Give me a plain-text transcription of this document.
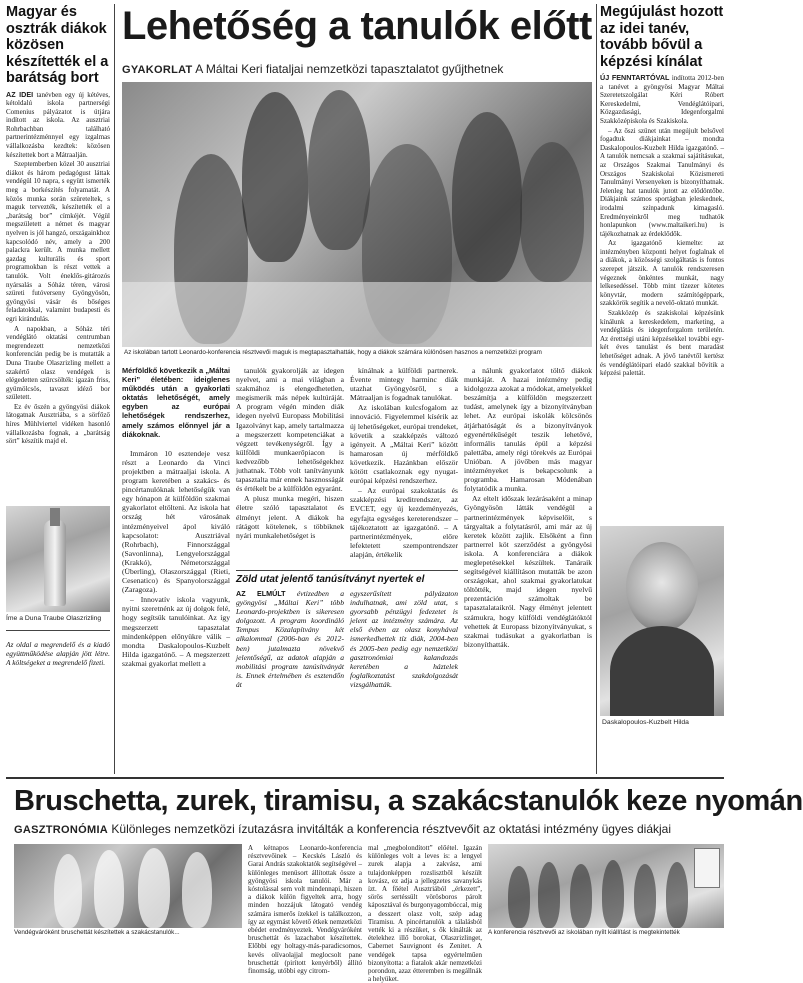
Magyar és osztrák diákok közösen készítették el a barátság bort

AZ IDEI tanévben egy új kétéves, kétoldalú iskola partnerségi Comenius pályázatot is útjára indított az iskola. Az ausztriai Rohrbachban található partnerintézménnyel egy izgalmas vállalkozásba kezdtek: közösen készítettek bort a Mátraalján.

Szeptemberben közel 30 ausztriai diákot és három pedagógust láttak vendégül 10 napra, s együtt ismerték meg a borkészítés folyamatát. A közös munka során szüreteltek, s maguk tervezték, készítették el a „barátság bor” címkéjét. Végül megszületett a német és magyar nyelven is jól hangzó, országainkhoz kapcsolódó név, amely a 200 palackra került. A munka mellett gazdag kulturális és sport programokban is részt vettek a tanulók. Volt éneklős-gitározós nyársalás a Sóház téren, városi szüreti futóverseny Gyöngyösön, gyöngyösi vásár és bőséges feladatokkal, valamint budapesti és egri kirándulás.

A napokban, a Sóház téri vendéglátó oktatási centrumban megrendezett nemzetközi konferencián pedig be is mutatták a Duna Traube Olaszrizling mellett a szakértő olasz vendégek is elégedetten szürcsölték: igazán friss, gyümölcsös, tavaszt idéző bor született.

Ez év őszén a gyöngyösi diákok látogatnak Ausztriába, s a sörfőző híres Mühlviertel vidéken hasonló vállalkozásba fognak, a „barátság sört” készítik majd el.

Íme a Duna Traube Olaszrizling
Az oldal a megrendelő és a kiadó együttműködése alapján jött létre. A költségeket a megrendelő fizeti.
Lehetőség a tanulók előtt
GYAKORLAT A Máltai Keri fiataljai nemzetközi tapasztalatot gyűjthetnek
Az iskolában tartott Leonardo-konferencia résztvevői maguk is megtapasztalhatták, hogy a diákok számára különösen hasznos a nemzetközi program

Mérföldkő következik a „Máltai Keri” életében: ideiglenes működés után a gyakorlati oktatás lehetőségét, amely egyben az európai lehetőségek rendszerhez, amely számos előnnyel jár a diákoknak.

Immáron 10 esztendeje vesz részt a Leonardo da Vinci projektben a mátraaljai iskola. A program keretében a szakács- és pincértanulóknak lehetőségük van egy hónapon át külföldön szakmai gyakorlatot eltölteni. Az iskola hat ország hét városának intézményeivel ápol kiváló kapcsolatot: Ausztriával (Rohrbach), Finnországgal (Savonlinna), Lengyelországgal (Krakkó), Németországgal (Überling), Olaszországgal (Rieti, Cesenatico) és Spanyolországgal (Zaragoza).

– Innovatív iskola vagyunk, nyitni szeretnénk az új dolgok felé, hogy segítsük tanulóinkat. Az így megszerzett tapasztalat mindenképpen előnyükre válik – mondta Daskalopoulos-Kuzbelt Hilda igazgatónő. – A megszerzett szakmai gyakorlat mellett a

tanulók gyakorolják az idegen nyelvet, ami a mai világban a szakmához is elengedhetetlen, megismerik más népek kultúráját. A program végén minden diák idegen nyelvű Europass Mobilitási Igazolványt kap, amely tartalmazza a megszerzett kompetenciákat a végzett tevékenységről. Így a külföldi munkaerőpiacon is kedvezőbb lehetőségekhez juthatnak. Több volt tanítványunk tapasztalta már ennek hasznosságát és értékelt be a külföldön egyaránt.

A plusz munka megéri, hiszen életre szóló tapasztalatot és élményt jelent. A diákok ha rátágott kötelenek, s többiknek nyári munkalehetőséget is

kínálnak a külföldi partnerek. Évente mintegy harminc diák utazhat Gyöngyösről, s a Mátraaljan is fogadnak tanulókat.

Az iskolában kulcsfogalom az innováció. Figyelemmel kísérik az új lehetőségeket, európai trendeket, követik a szakképzés változó igényeit. A „Máltai Keri” között hamarosan új mérföldkő következik. Hazánkban először kötött csatlakoznak egy nyugat-európai képzési rendszerhez.

– Az európai szakoktatás és szakképzési kreditrendszer, az EVCET, egy új kezdeményezés, egyfajta egységes kereterendszer – tájékoztatott az igazgatónő. – A partnerintézmények, előre lefektetett szempontrendszer alapján, értékelik

a nálunk gyakorlatot töltő diákok munkáját. A hazai intézmény pedig kidolgozza azokat a módokat, amelyekkel beszámítja a külföldön megszerzett tudást, amelynek így a bizonyítványban lehet. Az európai iskolák kölcsönös átjárhatóságát és a bizonyítványok egyenértékűségét teszik lehetővé, informális tanulás épül a képzési palettába, amely régi törekvés az Európai Unióban. A jövőben más magyar intézményeket is bekapcsolunk a programba. Hamarosan Módenában folytatódik a munka.

Az eltelt időszak lezárásaként a minap Gyöngyösön látták vendégül a partnerintézmények képviselőit, s tárgyaltak a folytatásról, ami már az új keretek között zajlik. Elsőként a finn partnerrel köt szerződést a gyöngyösi iskola. A konferenciára a diákok meglepetésekkel készültek. Tanáraik segítségével kiállításon mutatták be azon országokat, ahol szakmai gyakorlatukat töltötték, majd idegen nyelvű prezentáción számoltak be tapasztalataikról. Nagy élményt jelentett számukra, hogy külföldi vendéglátóktól vehettek át Europass bizonyítványukat, s szakmai tudásukat a gyakorlatban is bizonyíthatták.

Zöld utat jelentő tanúsítványt nyertek el
AZ ELMÚLT évtizedben a gyöngyösi „Máltai Keri” több Leonardo-projektben is sikeresen dolgozott. A program koordináló Tempus Közalapítvány két alkalommal (2006-ban és 2012-ben) jutalmazta növekvő jelentőségű, az adatok alapján a mobilitási program tanúsítványát is. Ennek értelmében és esztendőn át
egyszerűsített pályázaton indulhatnak, ami zöld utat, s gyorsabb pénzügyi fedezetet is jelent az intézmény számára. Az első évben az olasz konyhával ismerkedhettek tíz diák, 2004-ben és 2005-ben pedig egy nemzetközi gasztronómiai kalandozás keretében a háztelek foglalkoztatást szakdolgozását vizsgálhatták.
Megújulást hozott az idei tanév, tovább bővül a képzési kínálat

ÚJ FENNTARTÓVAL indította 2012-ben a tanévet a gyöngyösi Magyar Máltai Szeretetszolgálat Kéri Róbert Kereskedelmi, Vendéglátóipari, Közgazdasági, Idegenforgalmi Szakközépiskola és Szakiskola.

– Az őszi szünet után megújult belsővel fogadtuk diákjainkat – mondta Daskalopoulos-Kuzbelt Hilda igazgatónő. – A tanulók nemcsak a szakmai sajátításukat, az Országos Szakmai Tanulmányi és Országos Szakiskolai Közismereti Tanulmányi Versenyeken is bizonyíthatnak. Jelenleg hat tanulók jutott az elődöntőbe. Diákjaink számos sportágban jeleskednek, irodalmi színpadunk kimagasló. Eredményeinkről meg tudhatók honlapunkon (www.maltaikeri.hu) is tájékozhatnak az érdeklődők.

Az igazgatónő kiemelte: az intézményben központi helyet foglalnak el a diákok, a közösségi szolgáltatás is fontos szerepet játszik. A tanulók rendszeresen végeznek önkéntes munkát, nagy lelkesedéssel. Több mint tízezer kötetes könyvtár, modern számítógéppark, szakkörök segítik a nevelő-oktató munkát.

Szakközép és szakiskolai képzésünk kínálunk a kereskedelem, marketing, a vendéglátás és idegenforgalom területén. Az érettségi utáni képzésekkel további egy-két éves tanulást és bent maradást lehetőséget adnak. A jövő tanévtől kertész és vendéglátóipari eladó szakkal bővítik a képzési palettát.

Daskalopoulos-Kuzbelt Hilda
Bruschetta, zurek, tiramisu, a szakácstanulók keze nyomán
GASZTRONÓMIA Különleges nemzetközi ízutazásra invitálták a konferencia résztvevőit az oktatási intézmény ügyes diákjai
Vendégváróként bruschettát készítettek a szakácstanulók...
A kétnapos Leonardo-konferencia résztvevőinek – Kecskés László és Garai András szakoktatók segítségével – különleges menüsort állítottak össze a gyöngyösi iskola tanulói. Már a kóstolással sem volt mindennapi, hiszen a diákok külön figyeltek arra, hogy minden hozzájuk látogató vendég számára ismerős ízekkel is találkozzon, így az egymást követő étkek nemzetközi ebédet eredményeztek. Vendégváróként bruschettát és lazachabot készítettek. Előbbi egy holtagy-más-paradicsomos, kevés olívaolajjal meglocsolt pane bruschettát (pirított kenyérből) állító finomság, utóbbi egy citrom-
mal „megbolondított” előétel. Igazán különleges volt a leves is: a lengyel zurek alapja a zakvász, ami tulajdonképpen rozslisztből készült kovász, ez adja a jellegzetes savanykás ízt. A főétel Ausztriából „érkezett”, sörös sertéssült vörösboros párolt káposztával és burgonyagombóccal, mig a desszert olasz volt, szép adag Tiramisu. A pincértanulók a tálalásból vették ki a részüket, s ők kínálták az ételekhez illő borokat, Olaszrizlinget, Cabernet Sauvignont és Zenitet. A vendégek tapsa egyértelműen bizonyította: a fiatalok akár nemzetközi porondon, azaz étteremben is megállnák a helyüket.
A konferencia résztvevői az iskolában nyílt kiállítást is megtekintették
